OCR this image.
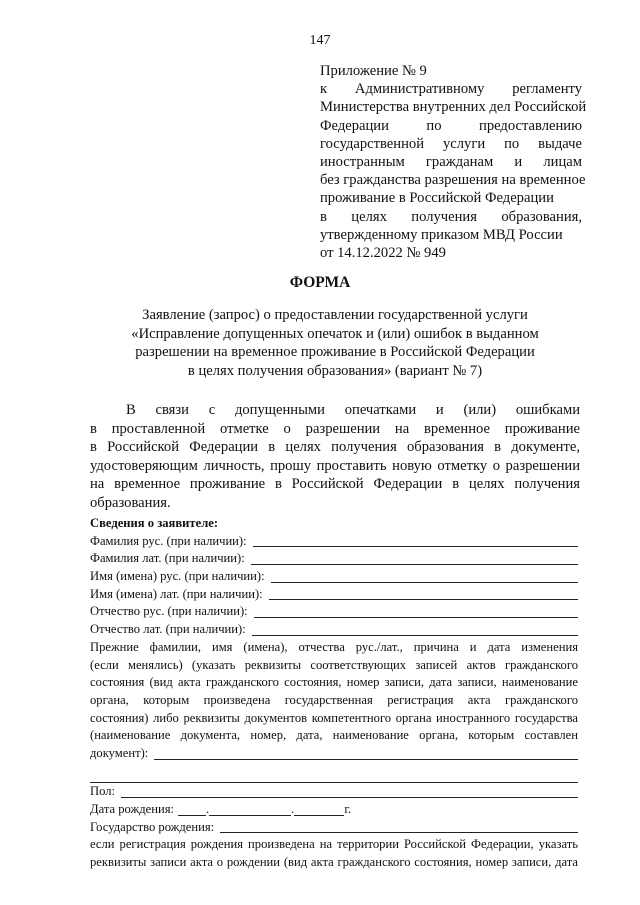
147
Приложение № 9
к Административному регламенту
Министерства внутренних дел Российской
Федерации по предоставлению
государственной услуги по выдаче
иностранным гражданам и лицам
без гражданства разрешения на временное
проживание в Российской Федерации
в целях получения образования,
утвержденному приказом МВД России
от 14.12.2022 № 949
ФОРМА
Заявление (запрос) о предоставлении государственной услуги
«Исправление допущенных опечаток и (или) ошибок в выданном
разрешении на временное проживание в Российской Федерации
в целях получения образования» (вариант № 7)
В связи с допущенными опечатками и (или) ошибками
в проставленной отметке о разрешении на временное проживание
в Российской Федерации в целях получения образования в документе,
удостоверяющим личность, прошу проставить новую отметку о разрешении
на временное проживание в Российской Федерации в целях получения
образования.
Сведения о заявителе:
Фамилия рус. (при наличии):
Фамилия лат. (при наличии):
Имя (имена) рус. (при наличии):
Имя (имена) лат. (при наличии):
Отчество рус. (при наличии):
Отчество лат. (при наличии):
Прежние фамилии, имя (имена), отчества рус./лат., причина и дата изменения
(если менялись) (указать реквизиты соответствующих записей актов гражданского
состояния (вид акта гражданского состояния, номер записи, дата записи, наименование
органа, которым произведена государственная регистрация акта гражданского
состояния) либо реквизиты документов компетентного органа иностранного государства
(наименование документа, номер, дата, наименование органа, которым составлен
документ):
Пол:
Дата рождения:	.	.	г.
Государство рождения:
если регистрация рождения произведена на территории Российской Федерации, указать
реквизиты записи акта о рождении (вид акта гражданского состояния, номер записи, дата
